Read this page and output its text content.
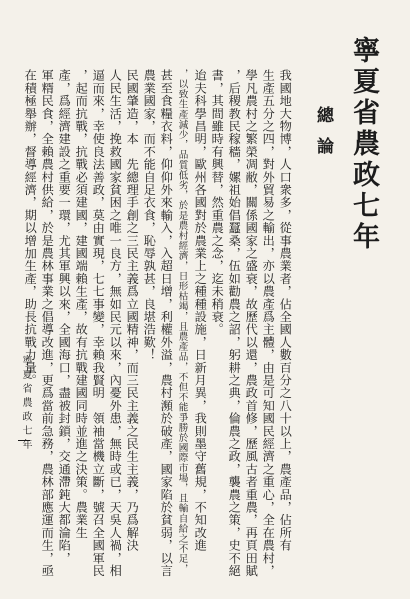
寧夏省農政七年
總論
我國地大物博，人口衆多，從事農業者，佔全國人數百分之八十以上，農產品，佔所有
生產五分之四，對外貿易之輸出，亦以農產爲主體，由是可知國民經濟之重心，全在農村，
學凡農村之繁榮凋敝，關係國家之盛衰，故歷代以還，農政首修，歷風古者重農，再頁田賦
，后稷教民稼穡，嫘祖始倡蠶桑，伍如勸農之詔，躬耕之典，倫農之政，襲農之策，史不絕
書，其間雖時有興替，然重農之念，迄未稍衰。
迨夫科學昌明，歐州各國對於農業上之種種設施，日新月異，我則墨守舊規，不知改進
，以致生產減少，品質低劣，於是農村經濟，日形枯竭，且農產品，不但不能爭勝於國際市場，且輸自給之不足，
甚至食糧衣料，仰仰外來輸入，入超日增，利權外溢，農村瀕於破產，國家陷於貧弱，以言
農業國家，而不能自足衣食，恥辱孰甚，良堪浩歎！
民國肇造，本　先總理手創之三民主義爲立國精神，而三民主義之民生主義，乃爲解決
人民生活，挽救國家貧困之唯一良方，無如民元以來，內憂外患，無時或已，天吳人禍，相
逼而來，幸使良法善政，莫由實現，七七事變，幸賴我賢明　領袖當機立斷，號召全國軍民
，起而抗戰，抗戰必須建國，建國端賴生產，故有抗戰建國同時並進之決策。農業生
產，爲經濟建設之重要一環，尤其軍興以來，全國海口，盡被封鎖，交通滯鈍大都淪陷，
軍糈民食，全賴農村供給，於是農林事業之倡導改進，更爲當前急務，農林部應運而生，亟
在積極舉辦，督導經濟，期以增加生產，助長抗戰力量。
寧夏省農政七年
